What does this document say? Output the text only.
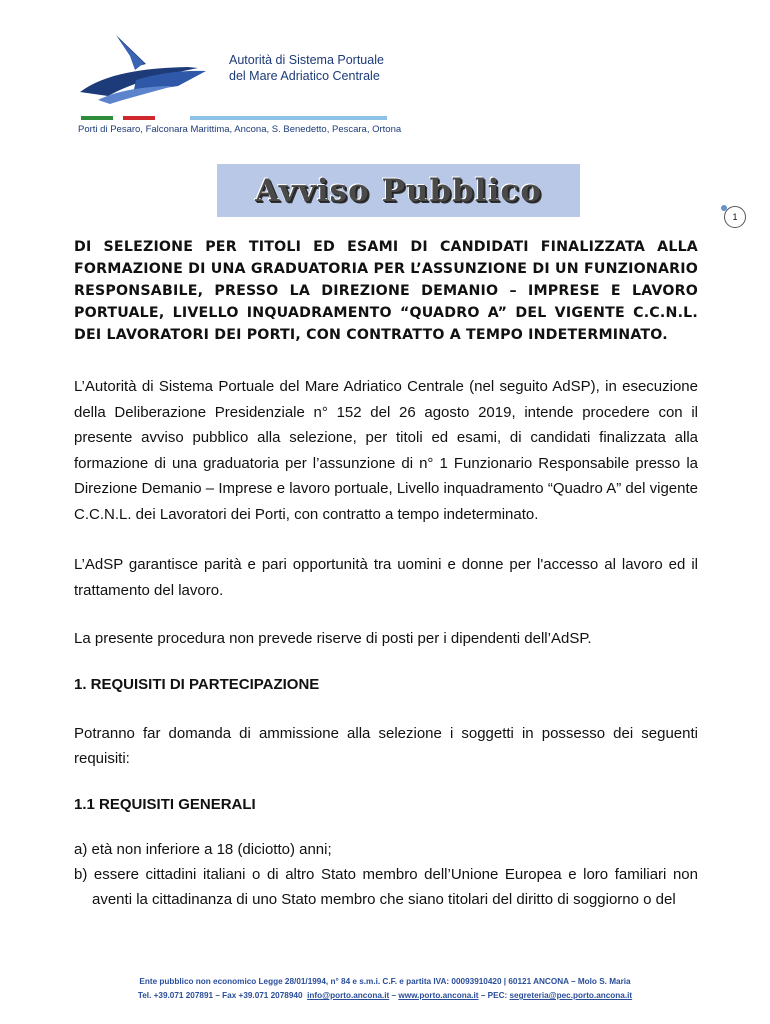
Autorità di Sistema Portuale
del Mare Adriatico Centrale
Porti di Pesaro, Falconara Marittima, Ancona, S. Benedetto, Pescara, Ortona
Avviso Pubblico
1

DI SELEZIONE PER TITOLI ED ESAMI DI CANDIDATI FINALIZZATA ALLA FORMAZIONE DI UNA GRADUATORIA PER L’ASSUNZIONE DI UN FUNZIONARIO RESPONSABILE, PRESSO LA DIREZIONE DEMANIO – IMPRESE E LAVORO PORTUALE, LIVELLO INQUADRAMENTO “QUADRO A” DEL VIGENTE C.C.N.L. DEI LAVORATORI DEI PORTI, CON CONTRATTO A TEMPO INDETERMINATO.

L’Autorità di Sistema Portuale del Mare Adriatico Centrale (nel seguito AdSP), in esecuzione della Deliberazione Presidenziale n° 152 del 26 agosto 2019, intende procedere con il presente avviso pubblico alla selezione, per titoli ed esami, di candidati finalizzata alla formazione di una graduatoria per l’assunzione di n° 1 Funzionario Responsabile presso la Direzione Demanio – Imprese e lavoro portuale, Livello inquadramento “Quadro A” del vigente C.C.N.L. dei Lavoratori dei Porti, con contratto a tempo indeterminato.

L’AdSP garantisce parità e pari opportunità tra uomini e donne per l'accesso al lavoro ed il trattamento del lavoro.

La presente procedura non prevede riserve di posti per i dipendenti dell’AdSP.

1. REQUISITI DI PARTECIPAZIONE

Potranno far domanda di ammissione alla selezione i soggetti in possesso dei seguenti requisiti:

1.1 REQUISITI GENERALI

a) età non inferiore a 18 (diciotto) anni;
b) essere cittadini italiani o di altro Stato membro dell’Unione Europea e loro familiari non aventi la cittadinanza di uno Stato membro che siano titolari del diritto di soggiorno o del
Ente pubblico non economico Legge 28/01/1994, n° 84 e s.m.i. C.F. e partita IVA: 00093910420 | 60121 ANCONA – Molo S. Maria
Tel. +39.071 207891 – Fax +39.071 2078940 info@porto.ancona.it – www.porto.ancona.it – PEC: segreteria@pec.porto.ancona.it
